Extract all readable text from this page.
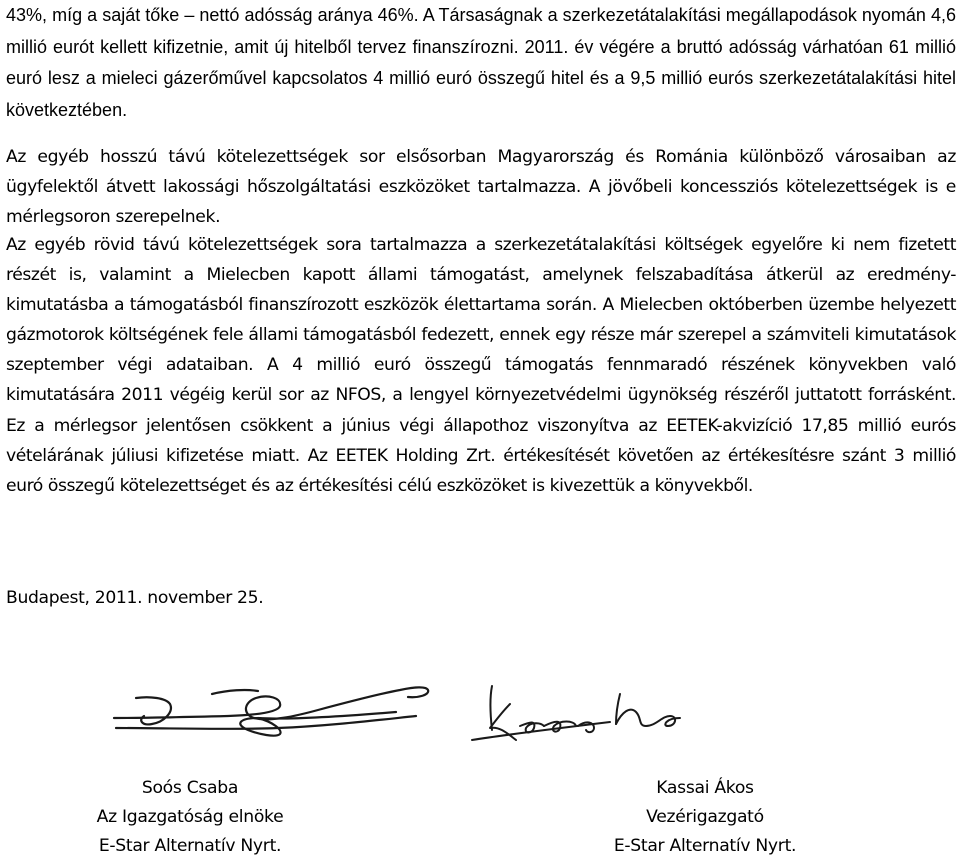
43%, míg a saját tőke – nettó adósság aránya 46%. A Társaságnak a szerkezetátalakítási megállapodások nyomán 4,6 millió eurót kellett kifizetnie, amit új hitelből tervez finanszírozni. 2011. év végére a bruttó adósság várhatóan 61 millió euró lesz a mieleci gázerőművel kapcsolatos 4 millió euró összegű hitel és a 9,5 millió eurós szerkezetátalakítási hitel következtében.

Az egyéb hosszú távú kötelezettségek sor elsősorban Magyarország és Románia különböző városaiban az ügyfelektől átvett lakossági hőszolgáltatási eszközöket tartalmazza. A jövőbeli koncessziós kötelezettségek is e mérlegsoron szerepelnek.

Az egyéb rövid távú kötelezettségek sora tartalmazza a szerkezetátalakítási költségek egyelőre ki nem fizetett részét is, valamint a Mielecben kapott állami támogatást, amelynek felszabadítása átkerül az eredmény-kimutatásba a támogatásból finanszírozott eszközök élettartama során. A Mielecben októberben üzembe helyezett gázmotorok költségének fele állami támogatásból fedezett, ennek egy része már szerepel a számviteli kimutatások szeptember végi adataiban. A 4 millió euró összegű támogatás fennmaradó részének könyvekben való kimutatására 2011 végéig kerül sor az NFOS, a lengyel környezetvédelmi ügynökség részéről juttatott forrásként. Ez a mérlegsor jelentősen csökkent a június végi állapothoz viszonyítva az EETEK-akvizíció 17,85 millió eurós vételárának júliusi kifizetése miatt. Az EETEK Holding Zrt. értékesítését követően az értékesítésre szánt 3 millió euró összegű kötelezettséget és az értékesítési célú eszközöket is kivezettük a könyvekből.

Budapest, 2011. november 25.

Soós Csaba
Az Igazgatóság elnöke
E-Star Alternatív Nyrt.
Kassai Ákos
Vezérigazgató
E-Star Alternatív Nyrt.
